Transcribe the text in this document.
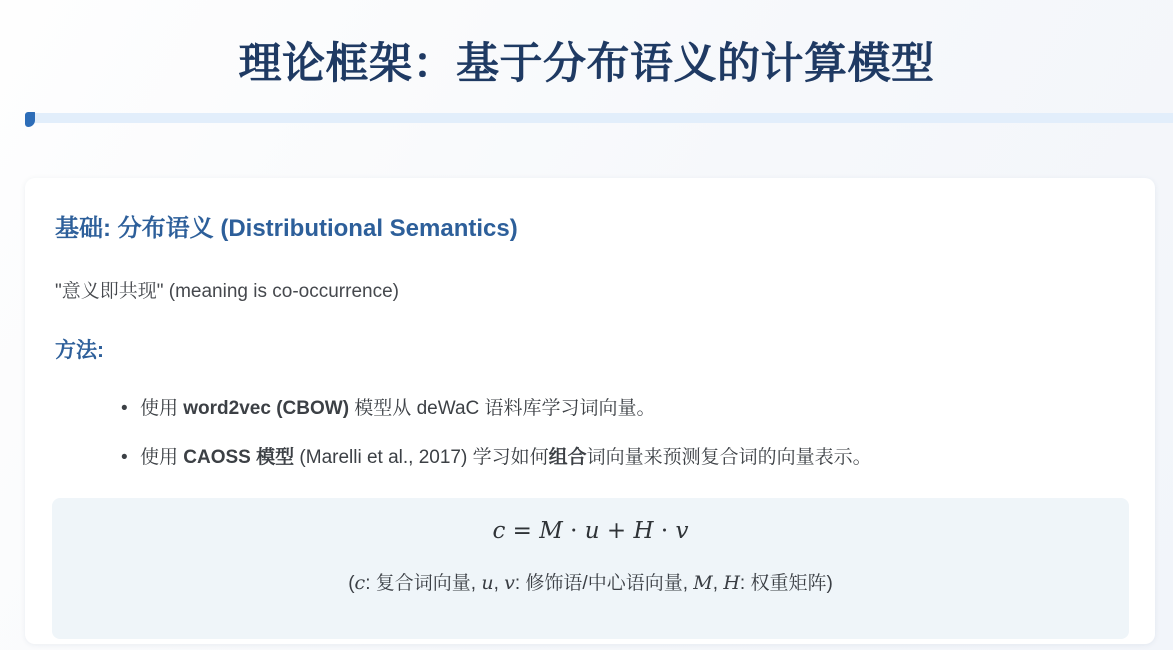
理论框架：基于分布语义的计算模型
基础: 分布语义 (Distributional Semantics)
"意义即共现" (meaning is co-occurrence)
方法:
• 使用 word2vec (CBOW) 模型从 deWaC 语料库学习词向量。
• 使用 CAOSS 模型 (Marelli et al., 2017) 学习如何组合词向量来预测复合词的向量表示。
c = M · u + H · v
(c: 复合词向量, u, v: 修饰语/中心语向量, M, H: 权重矩阵)
